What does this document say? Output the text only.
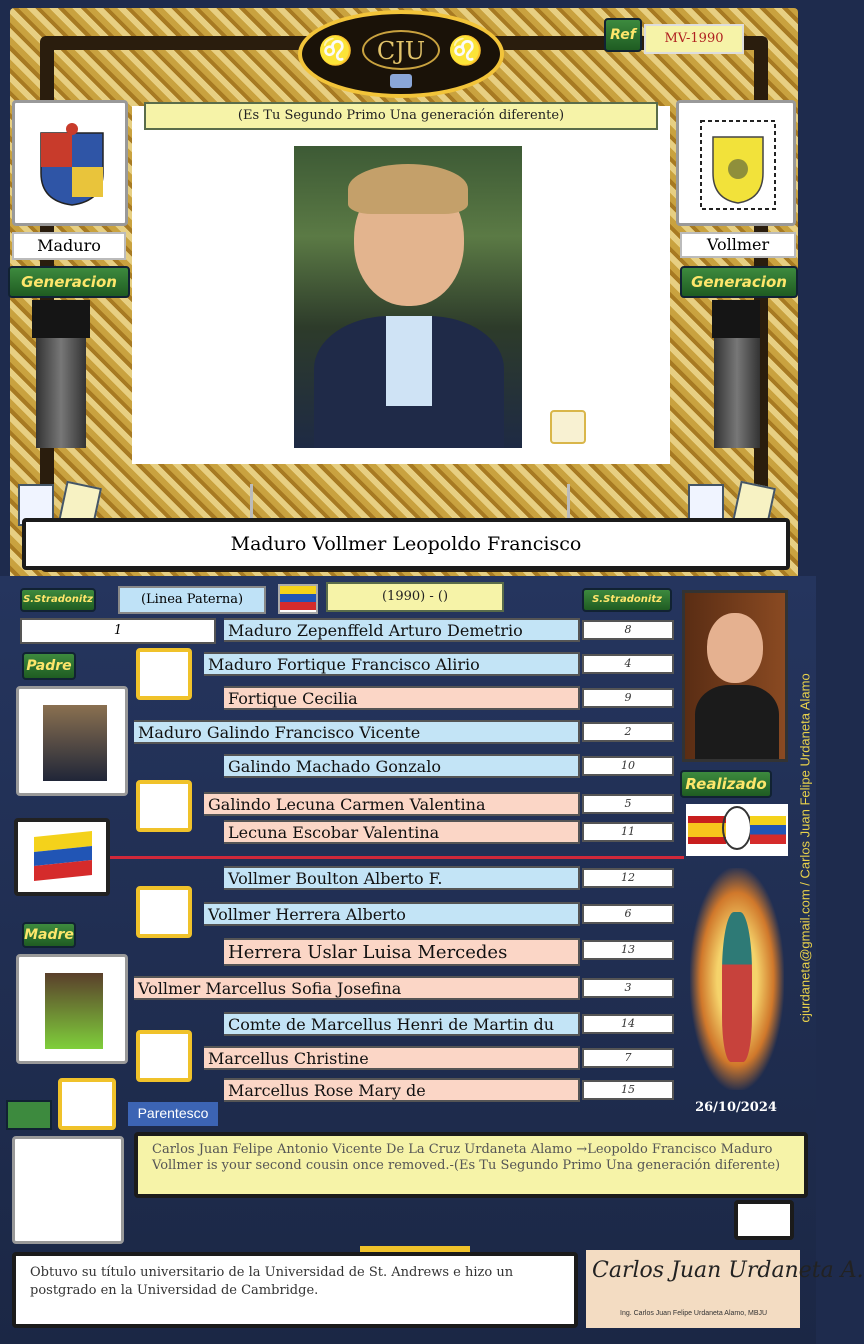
CJU
♌	♌	Ref	MV-1990
(Es Tu Segundo Primo Una generación diferente)
Maduro	Vollmer
Generacion	Generacion
Maduro Vollmer Leopoldo Francisco
S.Stradonitz	(Linea Paterna)	(1990) - ()	S.Stradonitz
1
Padre
Madre
Maduro Zepenffeld Arturo Demetrio	8
Maduro Fortique Francisco Alirio	4
Fortique Cecilia	9
Maduro Galindo Francisco Vicente	2
Galindo Machado Gonzalo	10
Galindo Lecuna Carmen Valentina	5
Lecuna Escobar Valentina	11
Vollmer Boulton Alberto F.	12
Vollmer Herrera Alberto	6
Herrera Uslar Luisa Mercedes	13
Vollmer Marcellus Sofia Josefina	3
Comte de Marcellus Henri de Martin du	14
Marcellus Christine	7
Marcellus Rose Mary de	15
cjurdaneta@gmail.com / Carlos Juan Felipe Urdaneta Alamo
Realizado
26/10/2024
Parentesco
Carlos Juan Felipe Antonio Vicente De La Cruz Urdaneta Alamo →Leopoldo Francisco Maduro Vollmer is your second cousin once removed.-(Es Tu Segundo Primo Una generación diferente)
Obtuvo su título universitario de la Universidad de St. Andrews e hizo un postgrado en la Universidad de Cambridge.
Carlos Juan Urdaneta A.
Ing. Carlos Juan Felipe Urdaneta Alamo, MBJU
